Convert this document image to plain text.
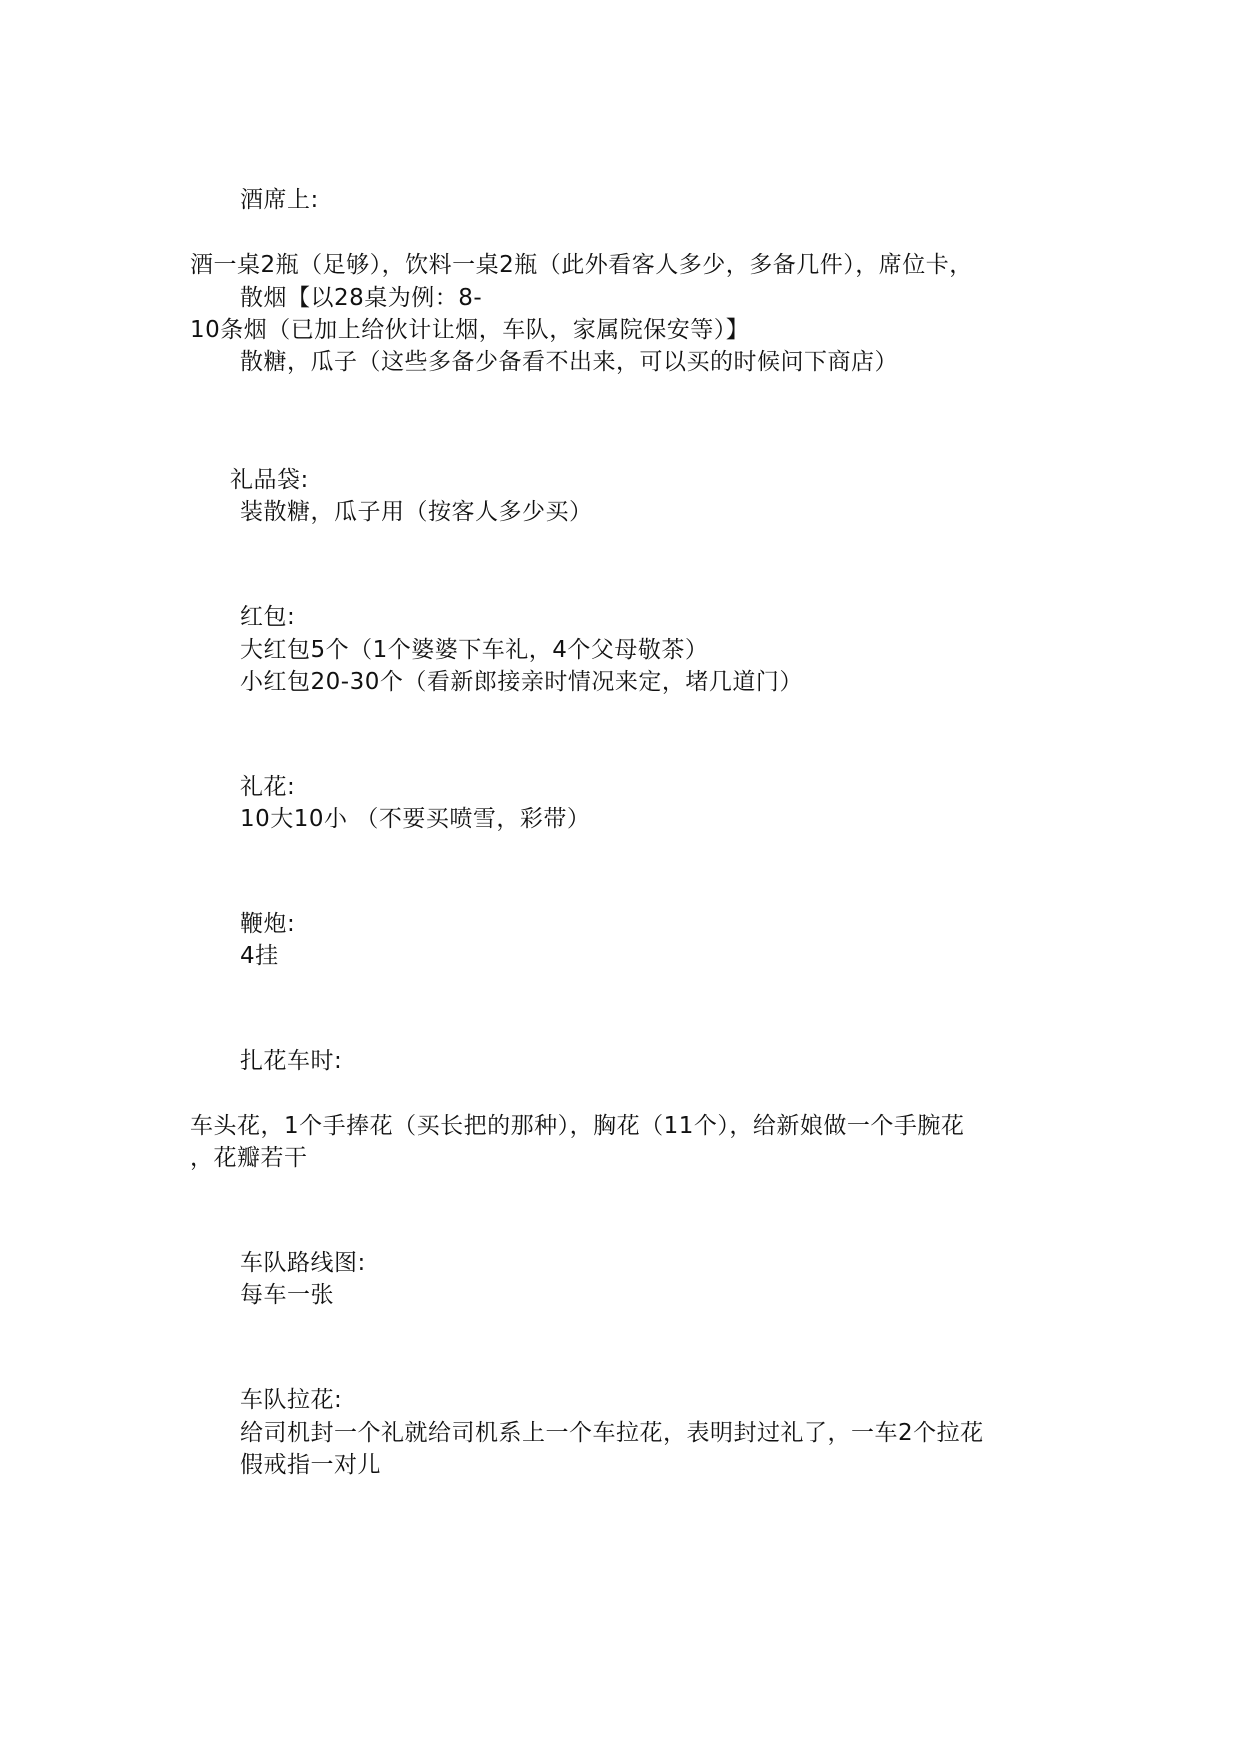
酒席上:
酒一桌2瓶（足够），饮料一桌2瓶（此外看客人多少，多备几件），席位卡，
散烟【以28桌为例：8-
10条烟（已加上给伙计让烟，车队，家属院保安等）】
散糖，瓜子（这些多备少备看不出来，可以买的时候问下商店）
礼品袋:
装散糖，瓜子用（按客人多少买）
红包:
大红包5个（1个婆婆下车礼，4个父母敬茶）
小红包20-30个（看新郎接亲时情况来定，堵几道门）
礼花:
10大10小 （不要买喷雪，彩带）
鞭炮:
4挂
扎花车时:
车头花，1个手捧花（买长把的那种），胸花（11个），给新娘做一个手腕花
，花瓣若干
车队路线图:
每车一张
车队拉花:
给司机封一个礼就给司机系上一个车拉花，表明封过礼了，一车2个拉花
假戒指一对儿
